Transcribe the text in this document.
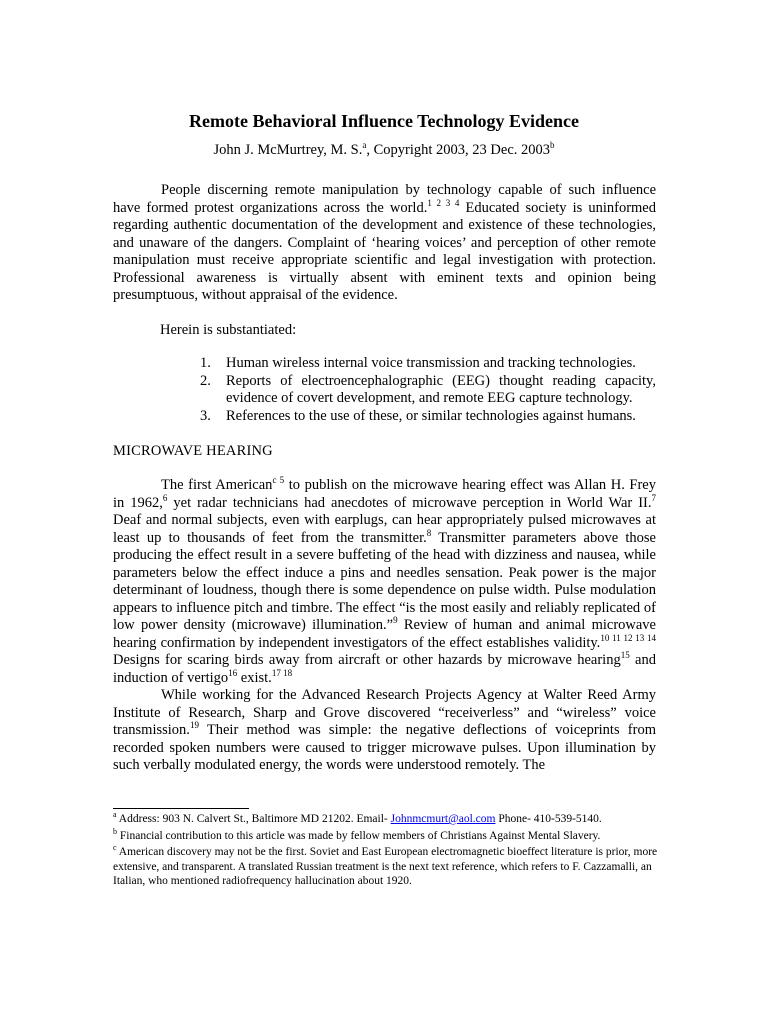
Remote Behavioral Influence Technology Evidence
John J. McMurtrey, M. S.$^a$, Copyright 2003, 23 Dec. 2003$^b$
People discerning remote manipulation by technology capable of such influence have formed protest organizations across the world.$^{1 2 3 4}$ Educated society is uninformed regarding authentic documentation of the development and existence of these technologies, and unaware of the dangers. Complaint of ‘hearing voices’ and perception of other remote manipulation must receive appropriate scientific and legal investigation with protection. Professional awareness is virtually absent with eminent texts and opinion being presumptuous, without appraisal of the evidence.
Herein is substantiated:
1. Human wireless internal voice transmission and tracking technologies.
2. Reports of electroencephalographic (EEG) thought reading capacity, evidence of covert development, and remote EEG capture technology.
3. References to the use of these, or similar technologies against humans.
MICROWAVE HEARING
The first American$^{c 5}$ to publish on the microwave hearing effect was Allan H. Frey in 1962,$^6$ yet radar technicians had anecdotes of microwave perception in World War II.$^7$ Deaf and normal subjects, even with earplugs, can hear appropriately pulsed microwaves at least up to thousands of feet from the transmitter.$^8$ Transmitter parameters above those producing the effect result in a severe buffeting of the head with dizziness and nausea, while parameters below the effect induce a pins and needles sensation. Peak power is the major determinant of loudness, though there is some dependence on pulse width. Pulse modulation appears to influence pitch and timbre. The effect “is the most easily and reliably replicated of low power density (microwave) illumination.”$^9$ Review of human and animal microwave hearing confirmation by independent investigators of the effect establishes validity.$^{10 11 12 13 14}$ Designs for scaring birds away from aircraft or other hazards by microwave hearing$^{15}$ and induction of vertigo$^{16}$ exist.$^{17 18}$
While working for the Advanced Research Projects Agency at Walter Reed Army Institute of Research, Sharp and Grove discovered “receiverless” and “wireless” voice transmission.$^{19}$ Their method was simple: the negative deflections of voiceprints from recorded spoken numbers were caused to trigger microwave pulses. Upon illumination by such verbally modulated energy, the words were understood remotely. The

$^a$ Address: 903 N. Calvert St., Baltimore MD 21202. Email- Johnmcmurt@aol.com Phone- 410-539-5140.

$^b$ Financial contribution to this article was made by fellow members of Christians Against Mental Slavery.

$^c$ American discovery may not be the first. Soviet and East European electromagnetic bioeffect literature is prior, more extensive, and transparent. A translated Russian treatment is the next text reference, which refers to F. Cazzamalli, an Italian, who mentioned radiofrequency hallucination about 1920.
